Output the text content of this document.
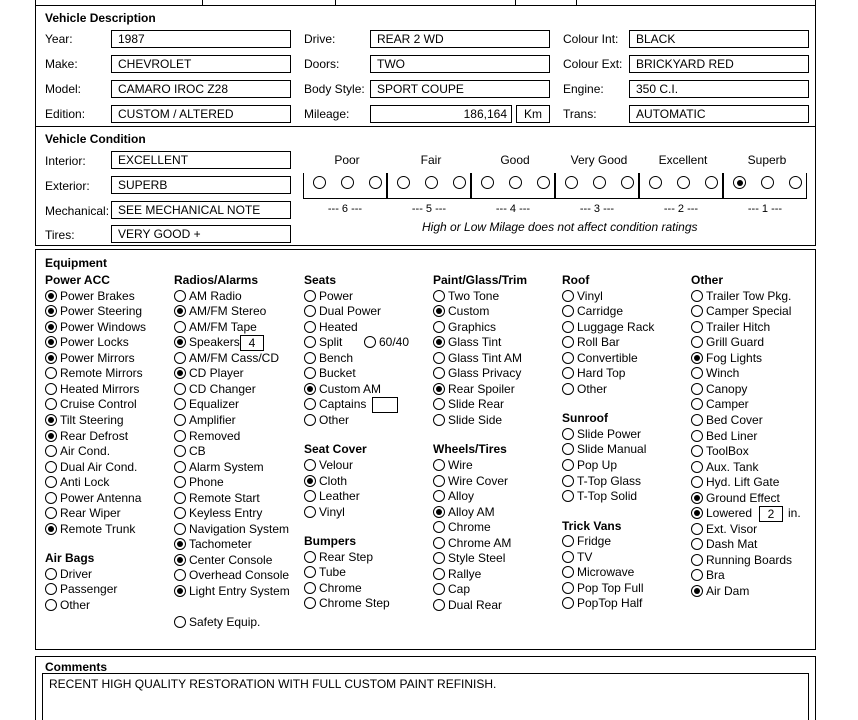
Vehicle Description
Year:	1987
Make:	CHEVROLET
Model:	CAMARO IROC Z28
Edition:	CUSTOM / ALTERED
Drive:	REAR 2 WD
Doors:	TWO
Body Style:	SPORT COUPE
Mileage:	186,164	Km
Colour Int:	BLACK
Colour Ext:	BRICKYARD RED
Engine:	350 C.I.
Trans:	AUTOMATIC
Vehicle Condition
Interior:	EXCELLENT
Exterior:	SUPERB
Mechanical: SEE MECHANICAL NOTE
Tires:	VERY GOOD +	High or Low Milage does not affect condition ratings
Poor
--- 6 ---
Fair
--- 5 ---
Good
--- 4 ---
Very Good
--- 3 ---
Excellent
--- 2 ---
Superb
--- 1 ---
Equipment
Power ACC
Power Brakes
Power Steering
Power Windows
Power Locks
Power Mirrors
Remote Mirrors
Heated Mirrors
Cruise Control
Tilt Steering
Rear Defrost
Air Cond.
Dual Air Cond.
Anti Lock
Power Antenna
Rear Wiper
Remote Trunk
Air Bags
Driver
Passenger
Other
Radios/Alarms
AM Radio
AM/FM Stereo
AM/FM Tape
Speakers 4
AM/FM Cass/CD
CD Player
CD Changer
Equalizer
Amplifier
Removed
CB
Alarm System
Phone
Remote Start
Keyless Entry
Navigation System
Tachometer
Center Console
Overhead Console
Light Entry System
Safety Equip.
Seats
Power
Dual Power
Heated
Split	60/40
Bench
Bucket
Custom AM
Captains
Other
Seat Cover
Velour
Cloth
Leather
Vinyl
Bumpers
Rear Step
Tube
Chrome
Chrome Step
Paint/Glass/Trim
Two Tone
Custom
Graphics
Glass Tint
Glass Tint AM
Glass Privacy
Rear Spoiler
Slide Rear
Slide Side
Wheels/Tires
Wire
Wire Cover
Alloy
Alloy AM
Chrome
Chrome AM
Style Steel
Rallye
Cap
Dual Rear
Roof
Vinyl
Carridge
Luggage Rack
Roll Bar
Convertible
Hard Top
Other
Sunroof
Slide Power
Slide Manual
Pop Up
T-Top Glass
T-Top Solid
Trick Vans
Fridge
TV
Microwave
Pop Top Full
PopTop Half
Other
Trailer Tow Pkg.
Camper Special
Trailer Hitch
Grill Guard
Fog Lights
Winch
Canopy
Camper
Bed Cover
Bed Liner
ToolBox
Aux. Tank
Hyd. Lift Gate
Ground Effect
Lowered	2	in.
Ext. Visor
Dash Mat
Running Boards
Bra
Air Dam
Comments
RECENT HIGH QUALITY RESTORATION WITH FULL CUSTOM PAINT REFINISH.
